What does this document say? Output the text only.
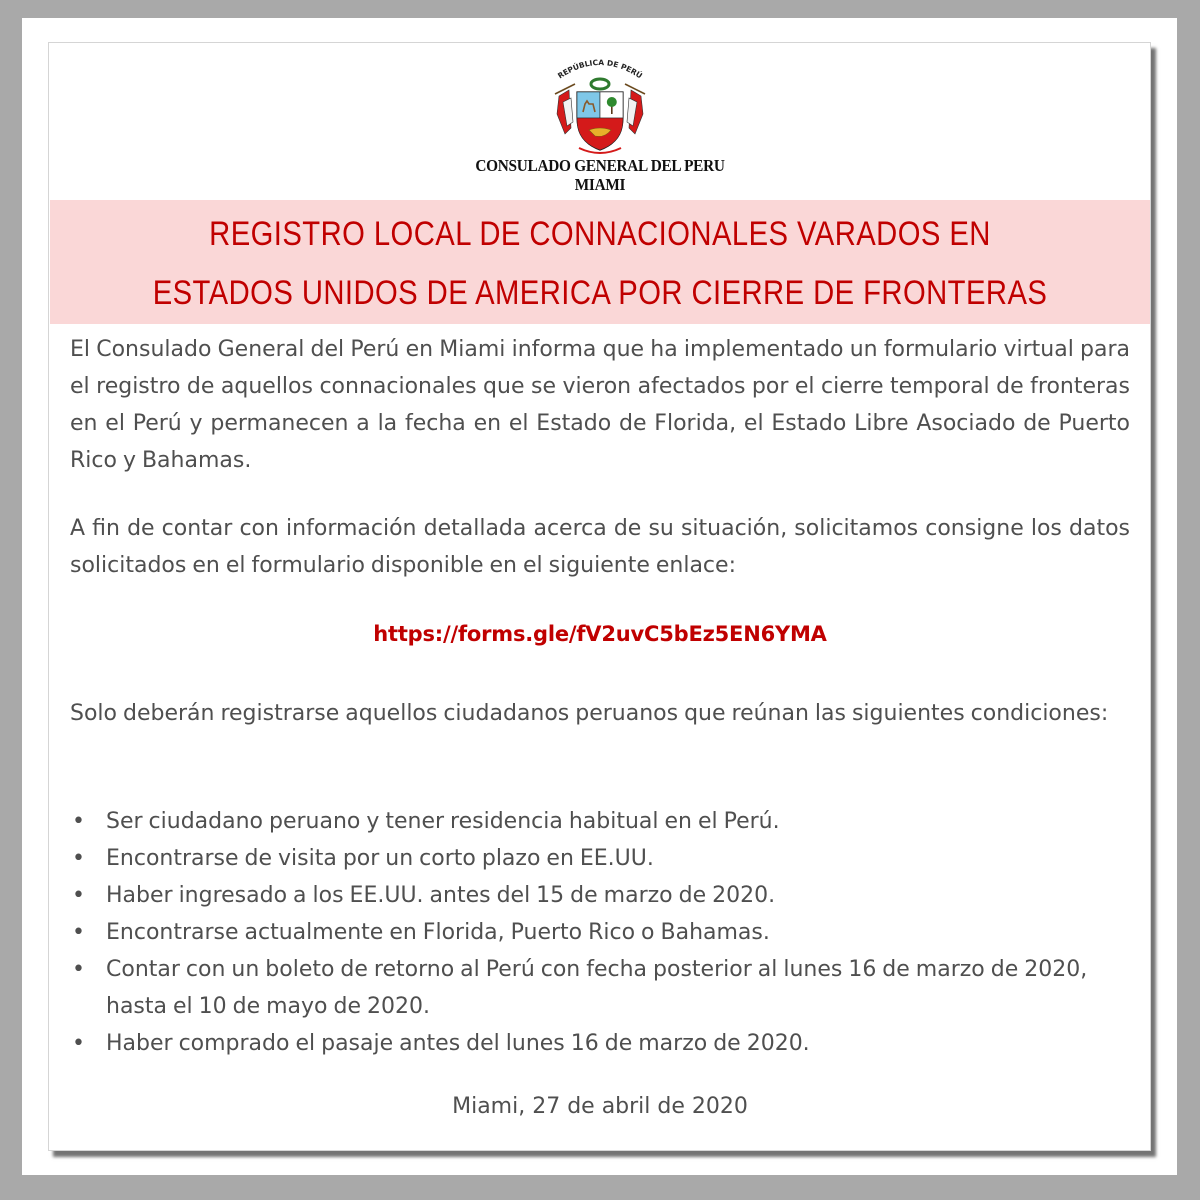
REPÚBLICA DE PERÚ
CONSULADO GENERAL DEL PERU
MIAMI
REGISTRO LOCAL DE CONNACIONALES VARADOS EN
ESTADOS UNIDOS DE AMERICA POR CIERRE DE FRONTERAS
El Consulado General del Perú en Miami informa que ha implementado un formulario virtual para el registro de aquellos connacionales que se vieron afectados por el cierre temporal de fronteras en el Perú y permanecen a la fecha en el Estado de Florida, el Estado Libre Asociado de Puerto Rico y Bahamas.
A fin de contar con información detallada acerca de su situación, solicitamos consigne los datos solicitados en el formulario disponible en el siguiente enlace:
https://forms.gle/fV2uvC5bEz5EN6YMA
Solo deberán registrarse aquellos ciudadanos peruanos que reúnan las siguientes condiciones:
• Ser ciudadano peruano y tener residencia habitual en el Perú.
• Encontrarse de visita por un corto plazo en EE.UU.
• Haber ingresado a los EE.UU. antes del 15 de marzo de 2020.
• Encontrarse actualmente en Florida, Puerto Rico o Bahamas.
• Contar con un boleto de retorno al Perú con fecha posterior al lunes 16 de marzo de 2020, hasta el 10 de mayo de 2020.
• Haber comprado el pasaje antes del lunes 16 de marzo de 2020.
Miami, 27 de abril de 2020
